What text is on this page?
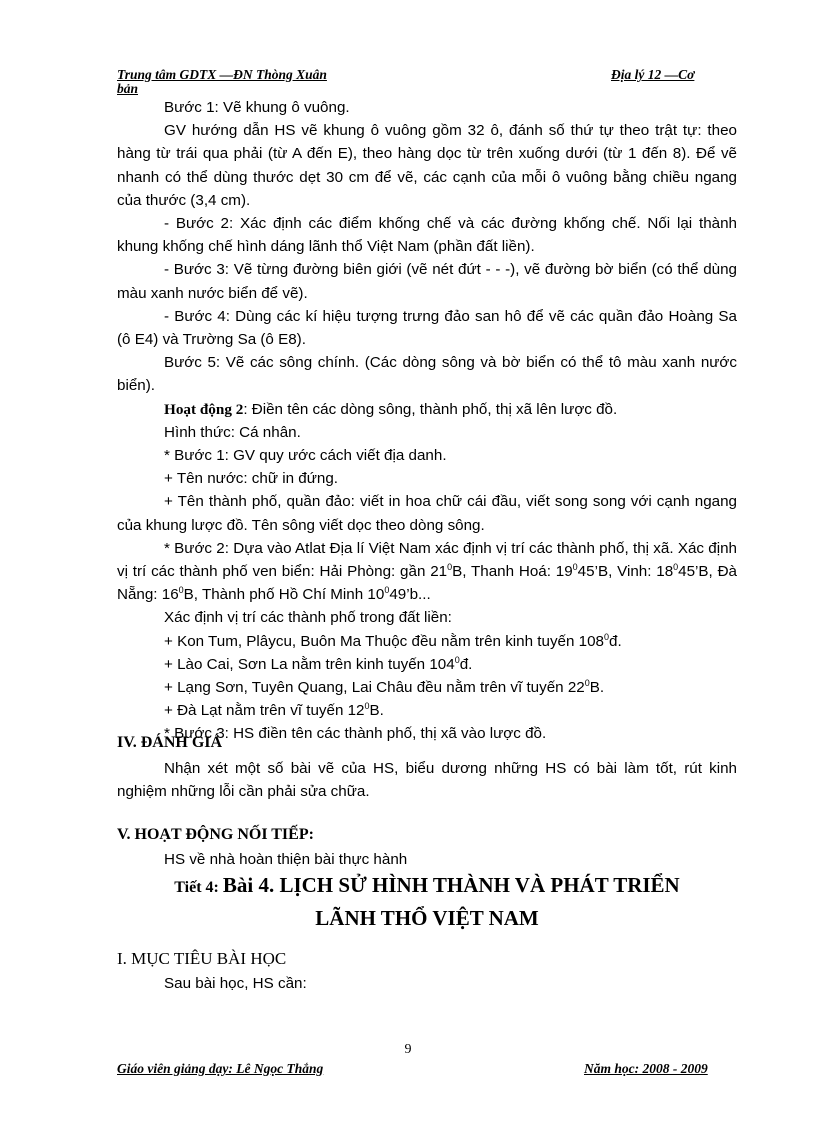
Trung tâm GDTX —ĐN Thòng Xuân
bản
Địa lý 12 —Cơ

Bước 1: Vẽ khung ô vuông.

GV hướng dẫn HS vẽ khung ô vuông gồm 32 ô, đánh số thứ tự theo trật tự: theo hàng từ trái qua phải (từ A đến E), theo hàng dọc từ trên xuống dưới (từ 1 đến 8). Để vẽ nhanh có thể dùng thước dẹt 30 cm để vẽ, các cạnh của mỗi ô vuông bằng chiều ngang của thước (3,4 cm).

- Bước 2: Xác định các điểm khống chế và các đường khống chế. Nối lại thành khung khống chế hình dáng lãnh thổ Việt Nam (phần đất liền).

- Bước 3: Vẽ từng đường biên giới (vẽ nét đứt - - -), vẽ đường bờ biển (có thể dùng màu xanh nước biển để vẽ).

- Bước 4: Dùng các kí hiệu tượng trưng đảo san hô để vẽ các quần đảo Hoàng Sa (ô E4) và Trường Sa (ô E8).

Bước 5: Vẽ các sông chính. (Các dòng sông và bờ biển có thể tô màu xanh nước biển).

Hoạt động 2: Điền tên các dòng sông, thành phố, thị xã lên lược đồ.

Hình thức: Cá nhân.

* Bước 1: GV quy ước cách viết địa danh.

+ Tên nước: chữ in đứng.

+ Tên thành phố, quần đảo: viết in hoa chữ cái đầu, viết song song với cạnh ngang của khung lược đồ. Tên sông viết dọc theo dòng sông.

* Bước 2: Dựa vào Atlat Địa lí Việt Nam xác định vị trí các thành phố, thị xã. Xác định vị trí các thành phố ven biển: Hải Phòng: gần $21^0B$, Thanh Hoá: $19^045’B$, Vinh: $18^045’B$, Đà Nẵng: $16^0B$, Thành phố Hồ Chí Minh $10^049’b$...

Xác định vị trí các thành phố trong đất liền:

+ Kon Tum, Plâycu, Buôn Ma Thuộc đều nằm trên kinh tuyến $108^0đ$.

+ Lào Cai, Sơn La nằm trên kinh tuyến $104^0đ$.

+ Lạng Sơn, Tuyên Quang, Lai Châu đều nằm trên vĩ tuyến $22^0B$.

+ Đà Lạt nằm trên vĩ tuyến $12^0B$.

* Bước 3: HS điền tên các thành phố, thị xã vào lược đồ.

IV. ĐÁNH GIÁ

Nhận xét một số bài vẽ của HS, biểu dương những HS có bài làm tốt, rút kinh nghiệm những lỗi cần phải sửa chữa.

V. HOẠT ĐỘNG NỐI TIẾP:

HS về nhà hoàn thiện bài thực hành

Tiết 4: Bài 4. LỊCH SỬ HÌNH THÀNH VÀ PHÁT TRIỂN
LÃNH THỔ VIỆT NAM
I. MỤC TIÊU BÀI HỌC

Sau bài học, HS cần:

9
Giáo viên giảng dạy: Lê Ngọc Thắng	Năm học: 2008 - 2009
